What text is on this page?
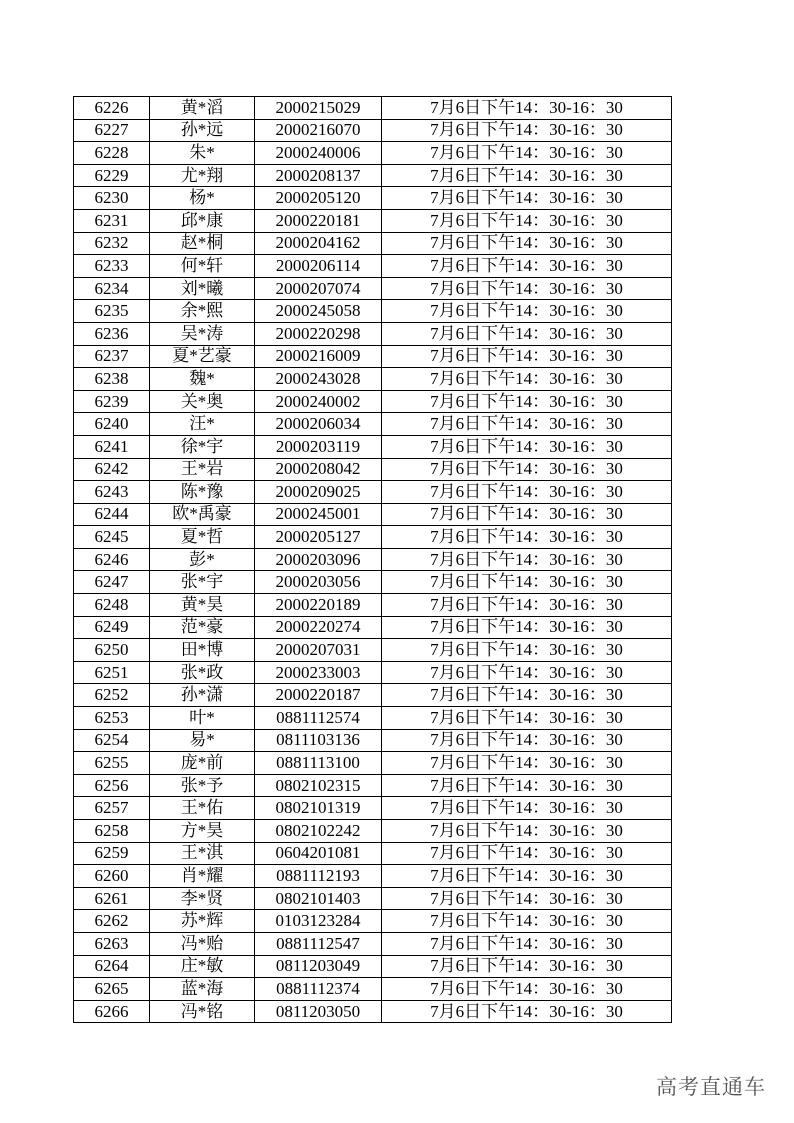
6226	黄*滔	2000215029	7月6日下午14：30-16：30
6227	孙*远	2000216070	7月6日下午14：30-16：30
6228	朱*	2000240006	7月6日下午14：30-16：30
6229	尤*翔	2000208137	7月6日下午14：30-16：30
6230	杨*	2000205120	7月6日下午14：30-16：30
6231	邱*康	2000220181	7月6日下午14：30-16：30
6232	赵*桐	2000204162	7月6日下午14：30-16：30
6233	何*轩	2000206114	7月6日下午14：30-16：30
6234	刘*曦	2000207074	7月6日下午14：30-16：30
6235	余*熙	2000245058	7月6日下午14：30-16：30
6236	吴*涛	2000220298	7月6日下午14：30-16：30
6237	夏*艺豪	2000216009	7月6日下午14：30-16：30
6238	魏*	2000243028	7月6日下午14：30-16：30
6239	关*奥	2000240002	7月6日下午14：30-16：30
6240	汪*	2000206034	7月6日下午14：30-16：30
6241	徐*宇	2000203119	7月6日下午14：30-16：30
6242	王*岩	2000208042	7月6日下午14：30-16：30
6243	陈*豫	2000209025	7月6日下午14：30-16：30
6244	欧*禹豪	2000245001	7月6日下午14：30-16：30
6245	夏*哲	2000205127	7月6日下午14：30-16：30
6246	彭*	2000203096	7月6日下午14：30-16：30
6247	张*宇	2000203056	7月6日下午14：30-16：30
6248	黄*昊	2000220189	7月6日下午14：30-16：30
6249	范*豪	2000220274	7月6日下午14：30-16：30
6250	田*博	2000207031	7月6日下午14：30-16：30
6251	张*政	2000233003	7月6日下午14：30-16：30
6252	孙*潇	2000220187	7月6日下午14：30-16：30
6253	叶*	0881112574	7月6日下午14：30-16：30
6254	易*	0811103136	7月6日下午14：30-16：30
6255	庞*前	0881113100	7月6日下午14：30-16：30
6256	张*予	0802102315	7月6日下午14：30-16：30
6257	王*佑	0802101319	7月6日下午14：30-16：30
6258	方*昊	0802102242	7月6日下午14：30-16：30
6259	王*淇	0604201081	7月6日下午14：30-16：30
6260	肖*耀	0881112193	7月6日下午14：30-16：30
6261	李*贤	0802101403	7月6日下午14：30-16：30
6262	苏*辉	0103123284	7月6日下午14：30-16：30
6263	冯*贻	0881112547	7月6日下午14：30-16：30
6264	庄*敏	0811203049	7月6日下午14：30-16：30
6265	蓝*海	0881112374	7月6日下午14：30-16：30
6266	冯*铭	0811203050	7月6日下午14：30-16：30
高考直通车
